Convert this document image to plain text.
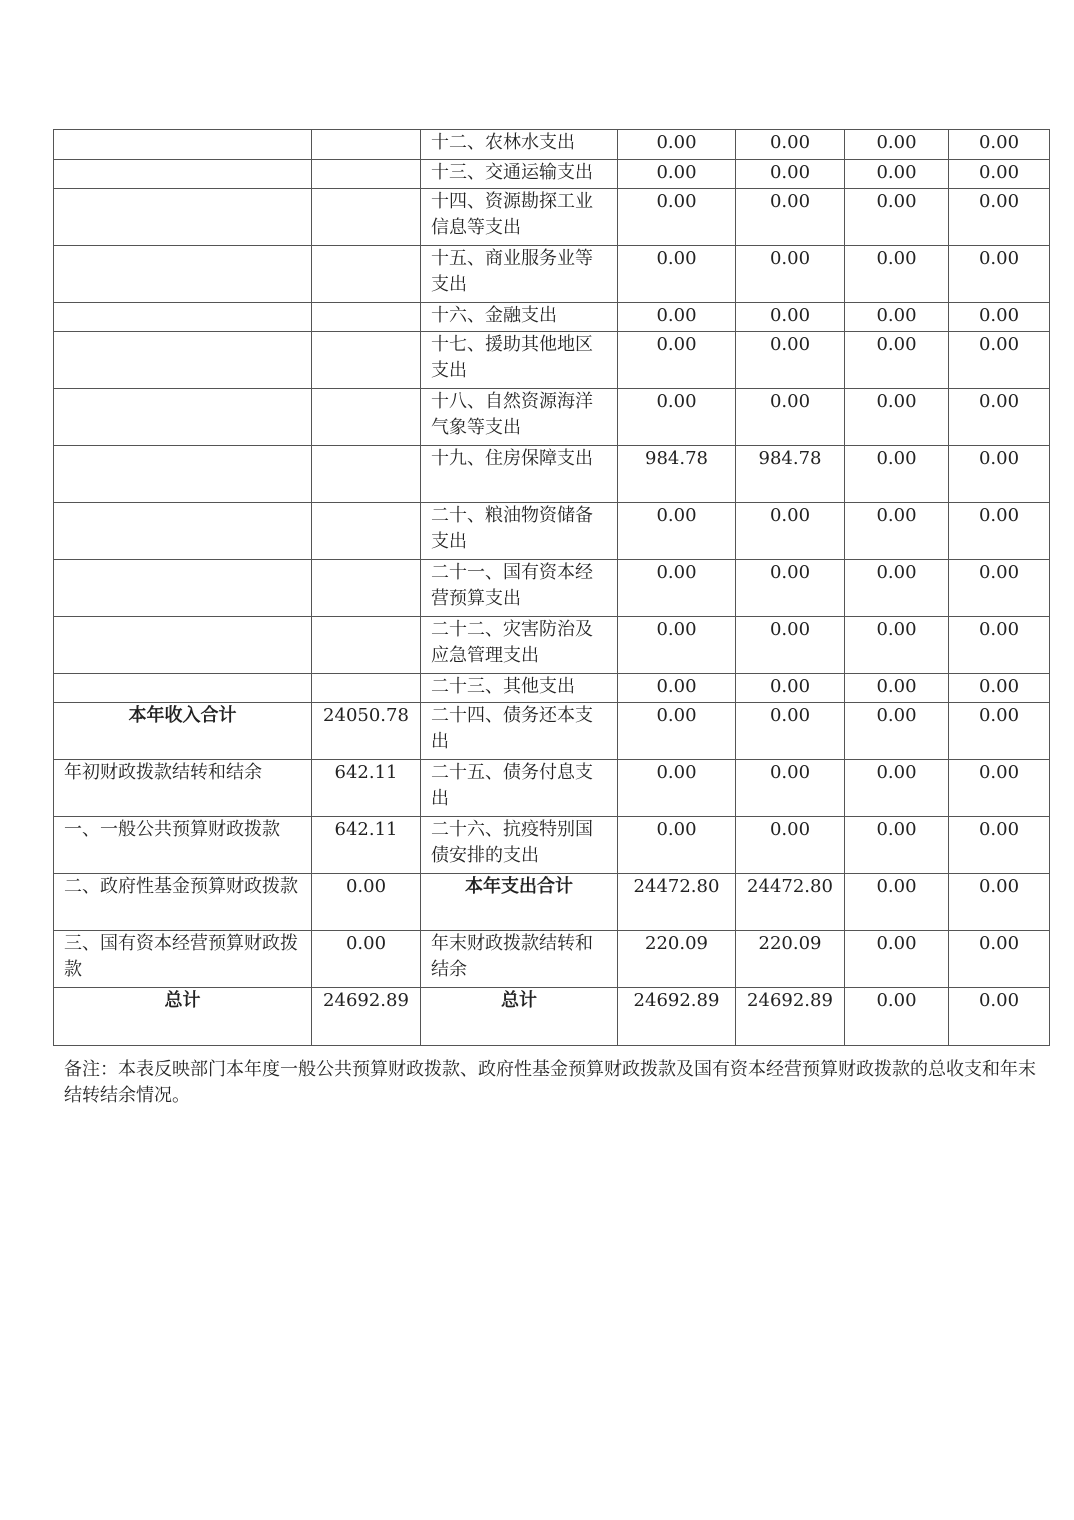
		十二、农林水支出	0.00	0.00	0.00	0.00
		十三、交通运输支出	0.00	0.00	0.00	0.00
		十四、资源勘探工业信息等支出	0.00	0.00	0.00	0.00
		十五、商业服务业等支出	0.00	0.00	0.00	0.00
		十六、金融支出	0.00	0.00	0.00	0.00
		十七、援助其他地区支出	0.00	0.00	0.00	0.00
		十八、自然资源海洋气象等支出	0.00	0.00	0.00	0.00
		十九、住房保障支出	984.78	984.78	0.00	0.00
		二十、粮油物资储备支出	0.00	0.00	0.00	0.00
		二十一、国有资本经营预算支出	0.00	0.00	0.00	0.00
		二十二、灾害防治及应急管理支出	0.00	0.00	0.00	0.00
		二十三、其他支出	0.00	0.00	0.00	0.00
本年收入合计	24050.78	二十四、债务还本支出	0.00	0.00	0.00	0.00
年初财政拨款结转和结余	642.11	二十五、债务付息支出	0.00	0.00	0.00	0.00
一、一般公共预算财政拨款	642.11	二十六、抗疫特别国债安排的支出	0.00	0.00	0.00	0.00
二、政府性基金预算财政拨款	0.00	本年支出合计	24472.80	24472.80	0.00	0.00
三、国有资本经营预算财政拨款	0.00	年末财政拨款结转和结余	220.09	220.09	0.00	0.00
总计	24692.89	总计	24692.89	24692.89	0.00	0.00
备注：本表反映部门本年度一般公共预算财政拨款、政府性基金预算财政拨款及国有资本经营预算财政拨款的总收支和年末结转结余情况。
